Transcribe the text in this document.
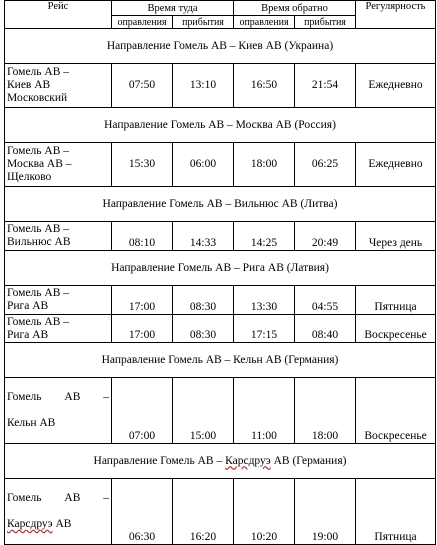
Рейс	Время туда		Время обратно		Регулярность
	оправления	прибытия	оправления	прибытия	
Направление Гомель АВ – Киев АВ (Украина)					
Гомель АВ –
Киев АВ
Московский	07:50	13:10	16:50	21:54	Ежедневно
Направление Гомель АВ – Москва АВ (Россия)					
Гомель АВ –
Москва АВ –
Щелково	15:30	06:00	18:00	06:25	Ежедневно
Направление Гомель АВ – Вильнюс АВ (Литва)					
Гомель АВ –
Вильнюс АВ	08:10	14:33	14:25	20:49	Через день
Направление Гомель АВ – Рига АВ (Латвия)					
Гомель АВ –
Рига АВ	17:00	08:30	13:30	04:55	Пятница
Гомель АВ –
Рига АВ	17:00	08:30	17:15	08:40	Воскресенье
Направление Гомель АВ – Кельн АВ (Германия)					

Гомель АВ –

Кельн АВ	07:00	15:00	11:00	18:00	Воскресенье
Направление Гомель АВ – Карсдруэ АВ (Германия)					

Гомель АВ –

Карсдруэ АВ	06:30	16:20	10:20	19:00	Пятница
